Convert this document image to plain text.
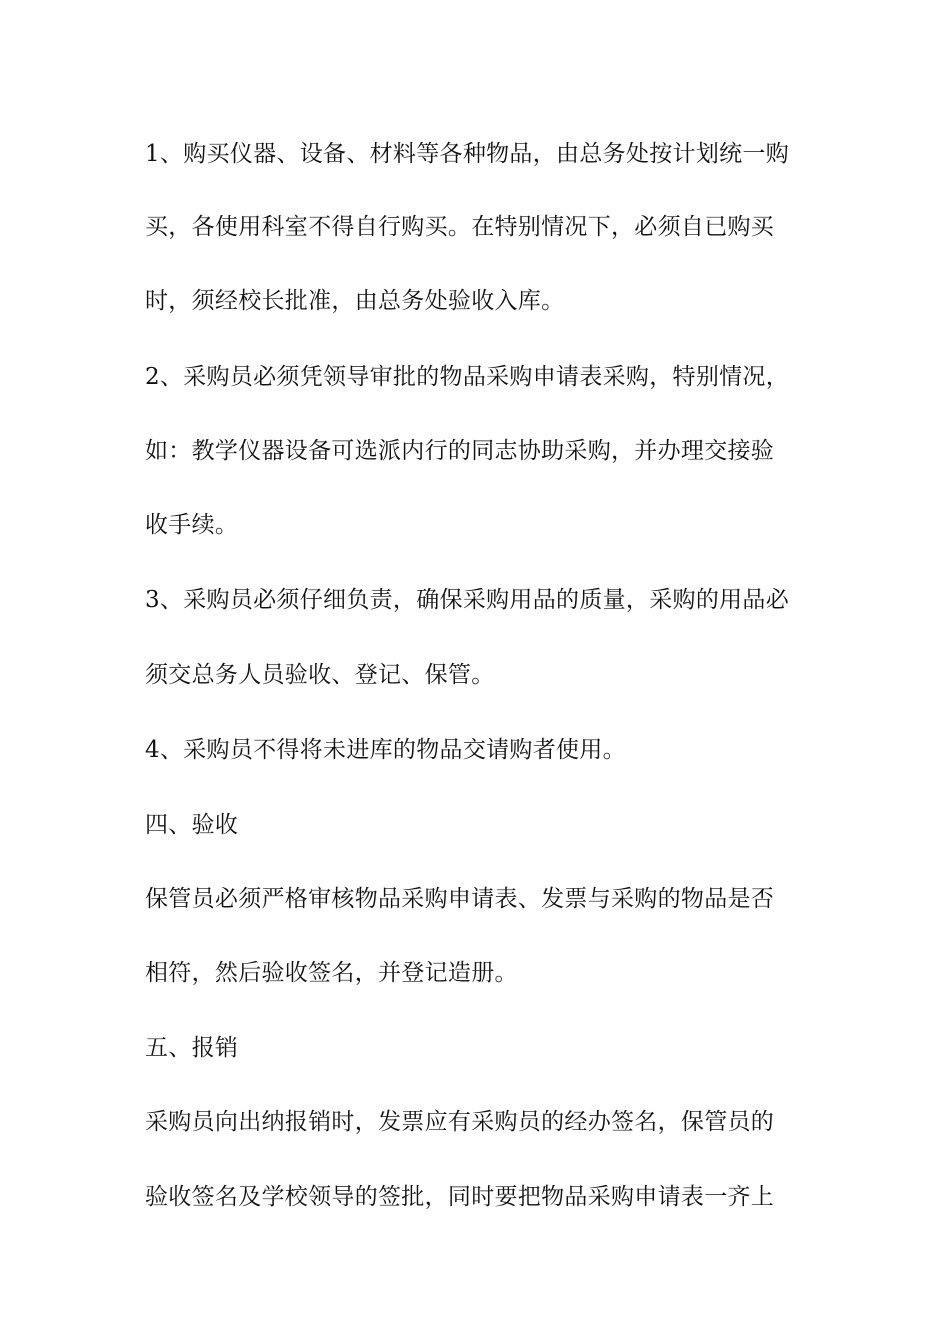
1、购买仪器、设备、材料等各种物品，由总务处按计划统一购
买，各使用科室不得自行购买。在特别情况下，必须自已购买
时，须经校长批准，由总务处验收入库。
2、采购员必须凭领导审批的物品采购申请表采购，特别情况，
如：教学仪器设备可选派内行的同志协助采购，并办理交接验
收手续。
3、采购员必须仔细负责，确保采购用品的质量，采购的用品必
须交总务人员验收、登记、保管。
4、采购员不得将未进库的物品交请购者使用。
四、验收
保管员必须严格审核物品采购申请表、发票与采购的物品是否
相符，然后验收签名，并登记造册。
五、报销
采购员向出纳报销时，发票应有采购员的经办签名，保管员的
验收签名及学校领导的签批，同时要把物品采购申请表一齐上
